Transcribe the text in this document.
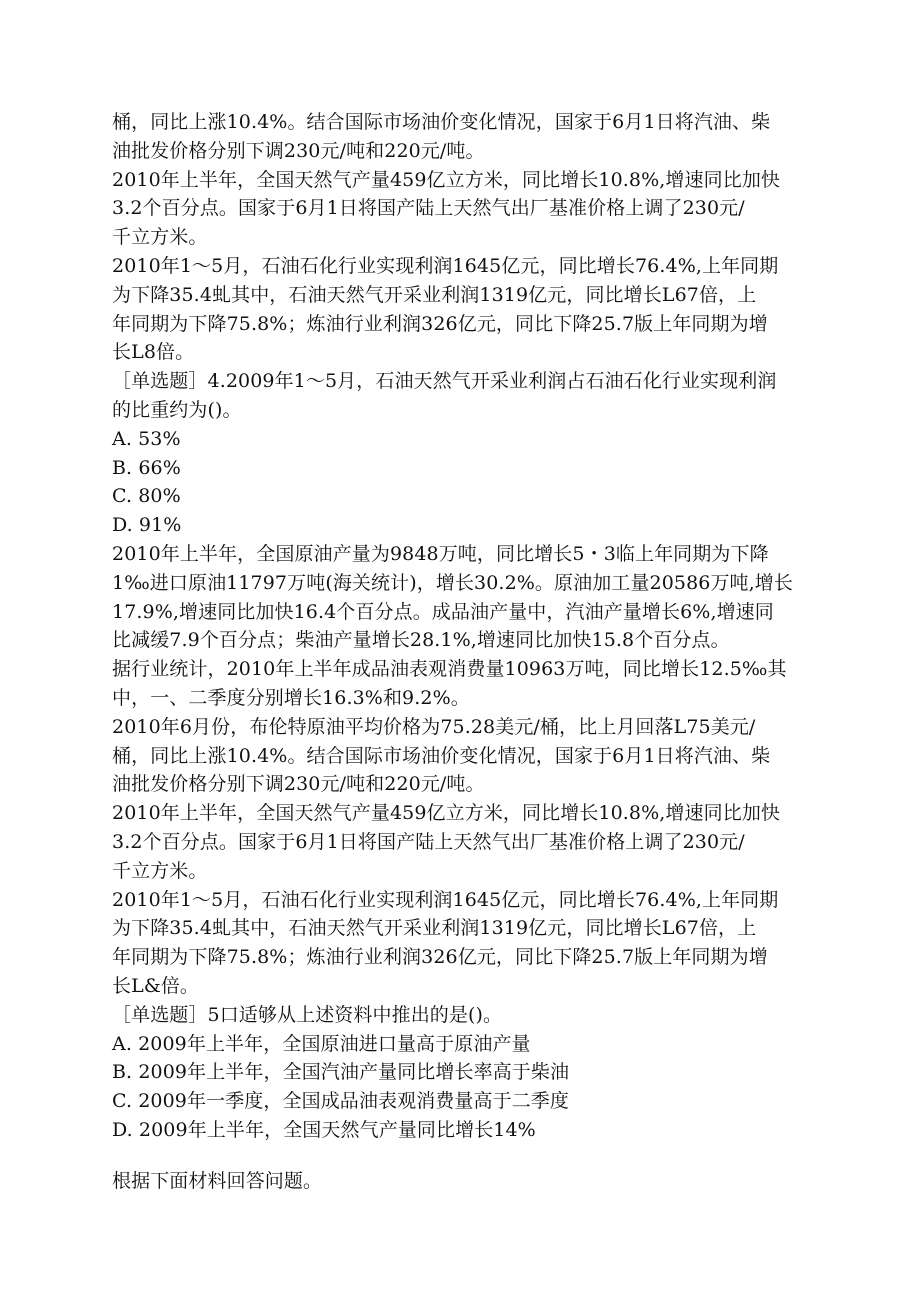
桶，同比上涨10.4%。结合国际市场油价变化情况，国家于6月1日将汽油、柴
油批发价格分别下调230元/吨和220元/吨。
2010年上半年，全国天然气产量459亿立方米，同比增长10.8%,增速同比加快
3.2个百分点。国家于6月1日将国产陆上天然气出厂基准价格上调了230元/
千立方米。
2010年1～5月，石油石化行业实现利润1645亿元，同比增长76.4%,上年同期
为下降35.4虬其中，石油天然气开采业利润1319亿元，同比增长L67倍，上
年同期为下降75.8%；炼油行业利润326亿元，同比下降25.7版上年同期为增
长L8倍。
［单选题］4.2009年1～5月，石油天然气开采业利润占石油石化行业实现利润
的比重约为()。
A. 53%
B. 66%
C. 80%
D. 91%
2010年上半年，全国原油产量为9848万吨，同比增长5・3临上年同期为下降
1‰进口原油11797万吨(海关统计)，增长30.2%。原油加工量20586万吨,增长
17.9%,增速同比加快16.4个百分点。成品油产量中，汽油产量增长6%,增速同
比减缓7.9个百分点；柴油产量增长28.1%,增速同比加快15.8个百分点。
据行业统计，2010年上半年成品油表观消费量10963万吨，同比增长12.5‰其
中，一、二季度分别增长16.3%和9.2%。
2010年6月份，布伦特原油平均价格为75.28美元/桶，比上月回落L75美元/
桶，同比上涨10.4%。结合国际市场油价变化情况，国家于6月1日将汽油、柴
油批发价格分别下调230元/吨和220元/吨。
2010年上半年，全国天然气产量459亿立方米，同比增长10.8%,增速同比加快
3.2个百分点。国家于6月1日将国产陆上天然气出厂基准价格上调了230元/
千立方米。
2010年1～5月，石油石化行业实现利润1645亿元，同比增长76.4%,上年同期
为下降35.4虬其中，石油天然气开采业利润1319亿元，同比增长L67倍，上
年同期为下降75.8%；炼油行业利润326亿元，同比下降25.7版上年同期为增
长L&倍。
［单选题］5口适够从上述资料中推出的是()。
A. 2009年上半年，全国原油进口量高于原油产量
B. 2009年上半年，全国汽油产量同比增长率高于柴油
C. 2009年一季度，全国成品油表观消费量高于二季度
D. 2009年上半年，全国天然气产量同比增长14%
根据下面材料回答问题。
